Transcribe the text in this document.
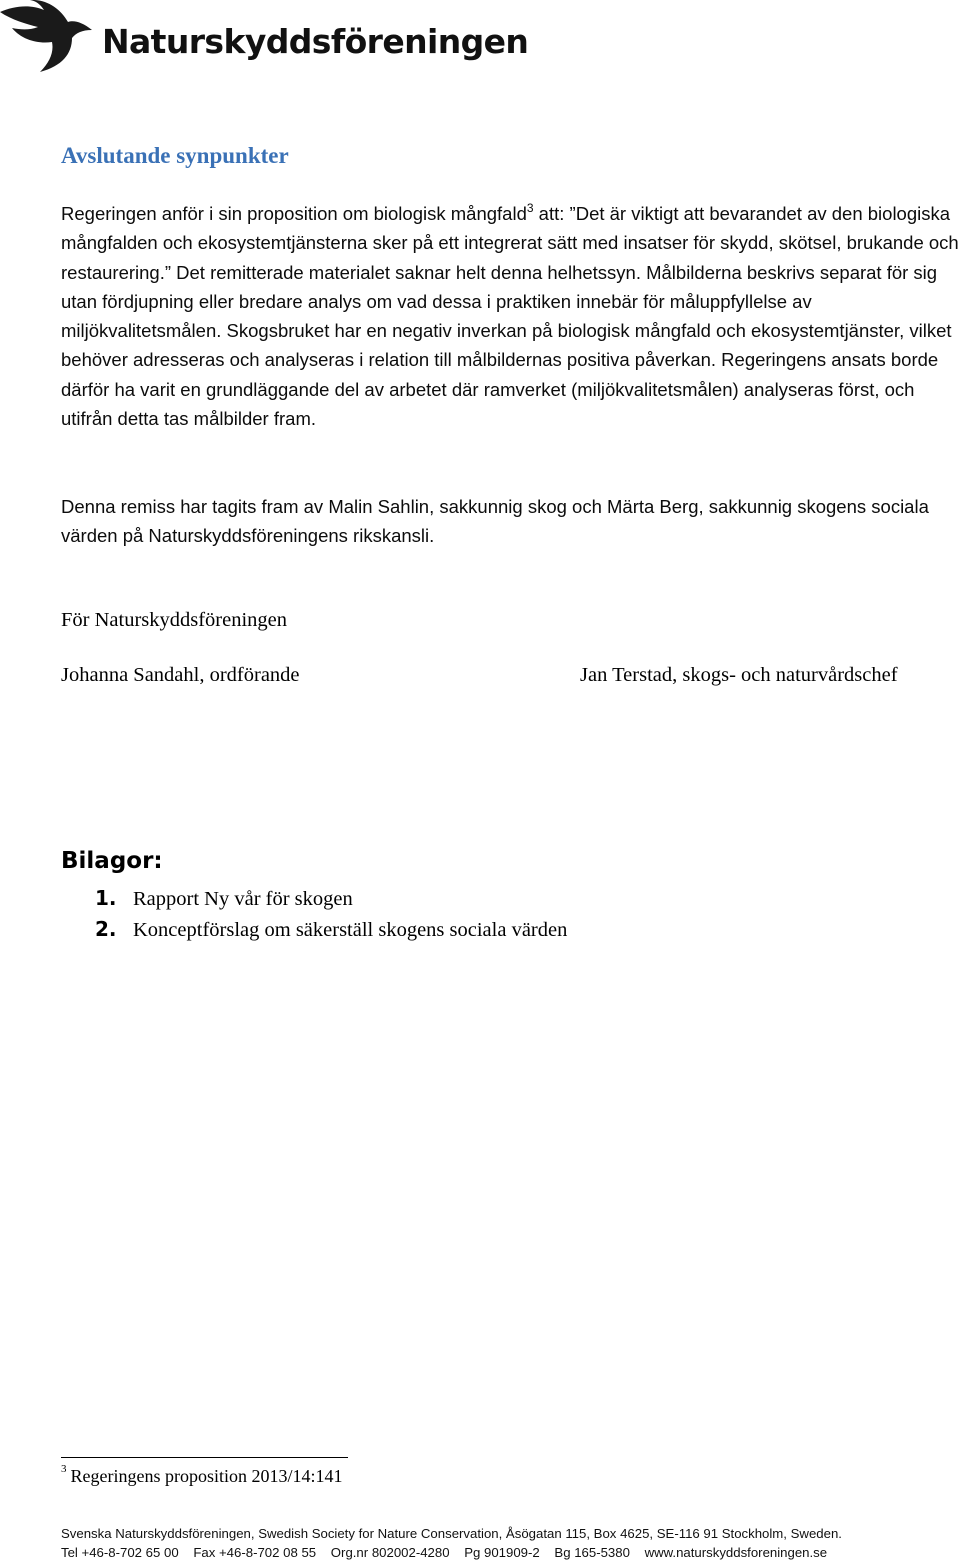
Naturskyddsföreningen
Avslutande synpunkter

Regeringen anför i sin proposition om biologisk mångfald$^3$ att: ”Det är viktigt att bevarandet av den biologiska mångfalden och ekosystemtjänsterna sker på ett integrerat sätt med insatser för skydd, skötsel, brukande och restaurering.” Det remitterade materialet saknar helt denna helhetssyn. Målbilderna beskrivs separat för sig utan fördjupning eller bredare analys om vad dessa i praktiken innebär för måluppfyllelse av miljökvalitetsmålen. Skogsbruket har en negativ inverkan på biologisk mångfald och ekosystemtjänster, vilket behöver adresseras och analyseras i relation till målbildernas positiva påverkan. Regeringens ansats borde därför ha varit en grundläggande del av arbetet där ramverket (miljökvalitetsmålen) analyseras först, och utifrån detta tas målbilder fram.

Denna remiss har tagits fram av Malin Sahlin, sakkunnig skog och Märta Berg, sakkunnig skogens sociala värden på Naturskyddsföreningens rikskansli.

För Naturskyddsföreningen

Johanna Sandahl, ordförande	Jan Terstad, skogs- och naturvårdschef

Bilagor:

1. Rapport Ny vår för skogen

2. Konceptförslag om säkerställ skogens sociala värden

$^3$ Regeringens proposition 2013/14:141

Svenska Naturskyddsföreningen, Swedish Society for Nature Conservation, Åsögatan 115, Box 4625, SE-116 91 Stockholm, Sweden.
Tel +46-8-702 65 00    Fax +46-8-702 08 55    Org.nr 802002-4280    Pg 901909-2    Bg 165-5380    www.naturskyddsforeningen.se
